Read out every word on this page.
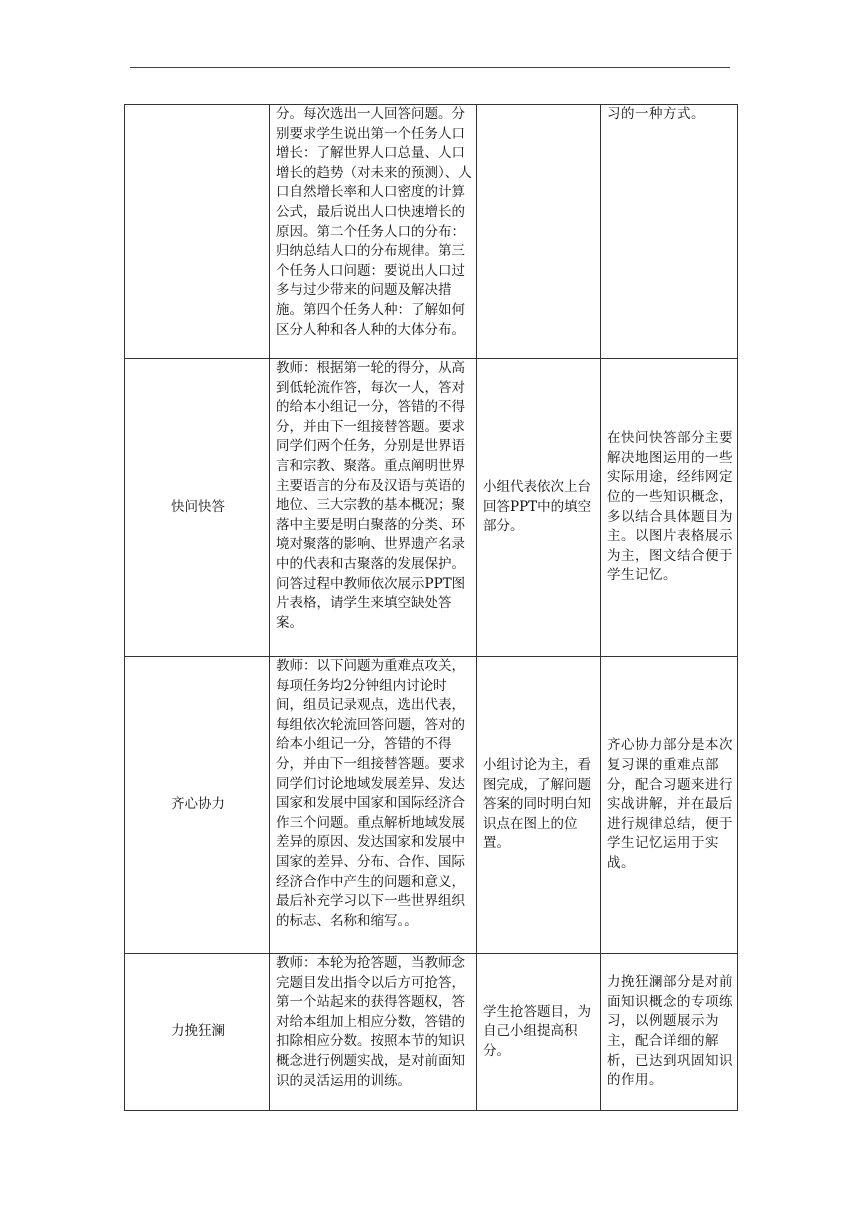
	分。每次选出一人回答问题。分别要求学生说出第一个任务人口增长：了解世界人口总量、人口增长的趋势（对未来的预测）、人口自然增长率和人口密度的计算公式，最后说出人口快速增长的原因。第二个任务人口的分布：归纳总结人口的分布规律。第三个任务人口问题：要说出人口过多与过少带来的问题及解决措施。第四个任务人种：了解如何区分人种和各人种的大体分布。		习的一种方式。
快问快答	教师：根据第一轮的得分，从高到低轮流作答，每次一人，答对的给本小组记一分，答错的不得分，并由下一组接替答题。要求同学们两个任务，分别是世界语言和宗教、聚落。重点阐明世界主要语言的分布及汉语与英语的地位、三大宗教的基本概况；聚落中主要是明白聚落的分类、环境对聚落的影响、世界遗产名录中的代表和古聚落的发展保护。问答过程中教师依次展示PPT图片表格，请学生来填空缺处答案。	小组代表依次上台回答PPT中的填空部分。	在快问快答部分主要解决地图运用的一些实际用途，经纬网定位的一些知识概念，多以结合具体题目为主。以图片表格展示为主，图文结合便于学生记忆。
齐心协力	教师：以下问题为重难点攻关，每项任务均2分钟组内讨论时间，组员记录观点，选出代表，每组依次轮流回答问题，答对的给本小组记一分，答错的不得分，并由下一组接替答题。要求同学们讨论地域发展差异、发达国家和发展中国家和国际经济合作三个问题。重点解析地域发展差异的原因、发达国家和发展中国家的差异、分布、合作、国际经济合作中产生的问题和意义，最后补充学习以下一些世界组织的标志、名称和缩写。。	小组讨论为主，看图完成，了解问题答案的同时明白知识点在图上的位置。	齐心协力部分是本次复习课的重难点部分，配合习题来进行实战讲解，并在最后进行规律总结，便于学生记忆运用于实战。
力挽狂澜	教师：本轮为抢答题，当教师念完题目发出指令以后方可抢答，第一个站起来的获得答题权，答对给本组加上相应分数，答错的扣除相应分数。按照本节的知识概念进行例题实战，是对前面知识的灵活运用的训练。	学生抢答题目，为自己小组提高积分。	力挽狂澜部分是对前面知识概念的专项练习，以例题展示为主，配合详细的解析，已达到巩固知识的作用。
